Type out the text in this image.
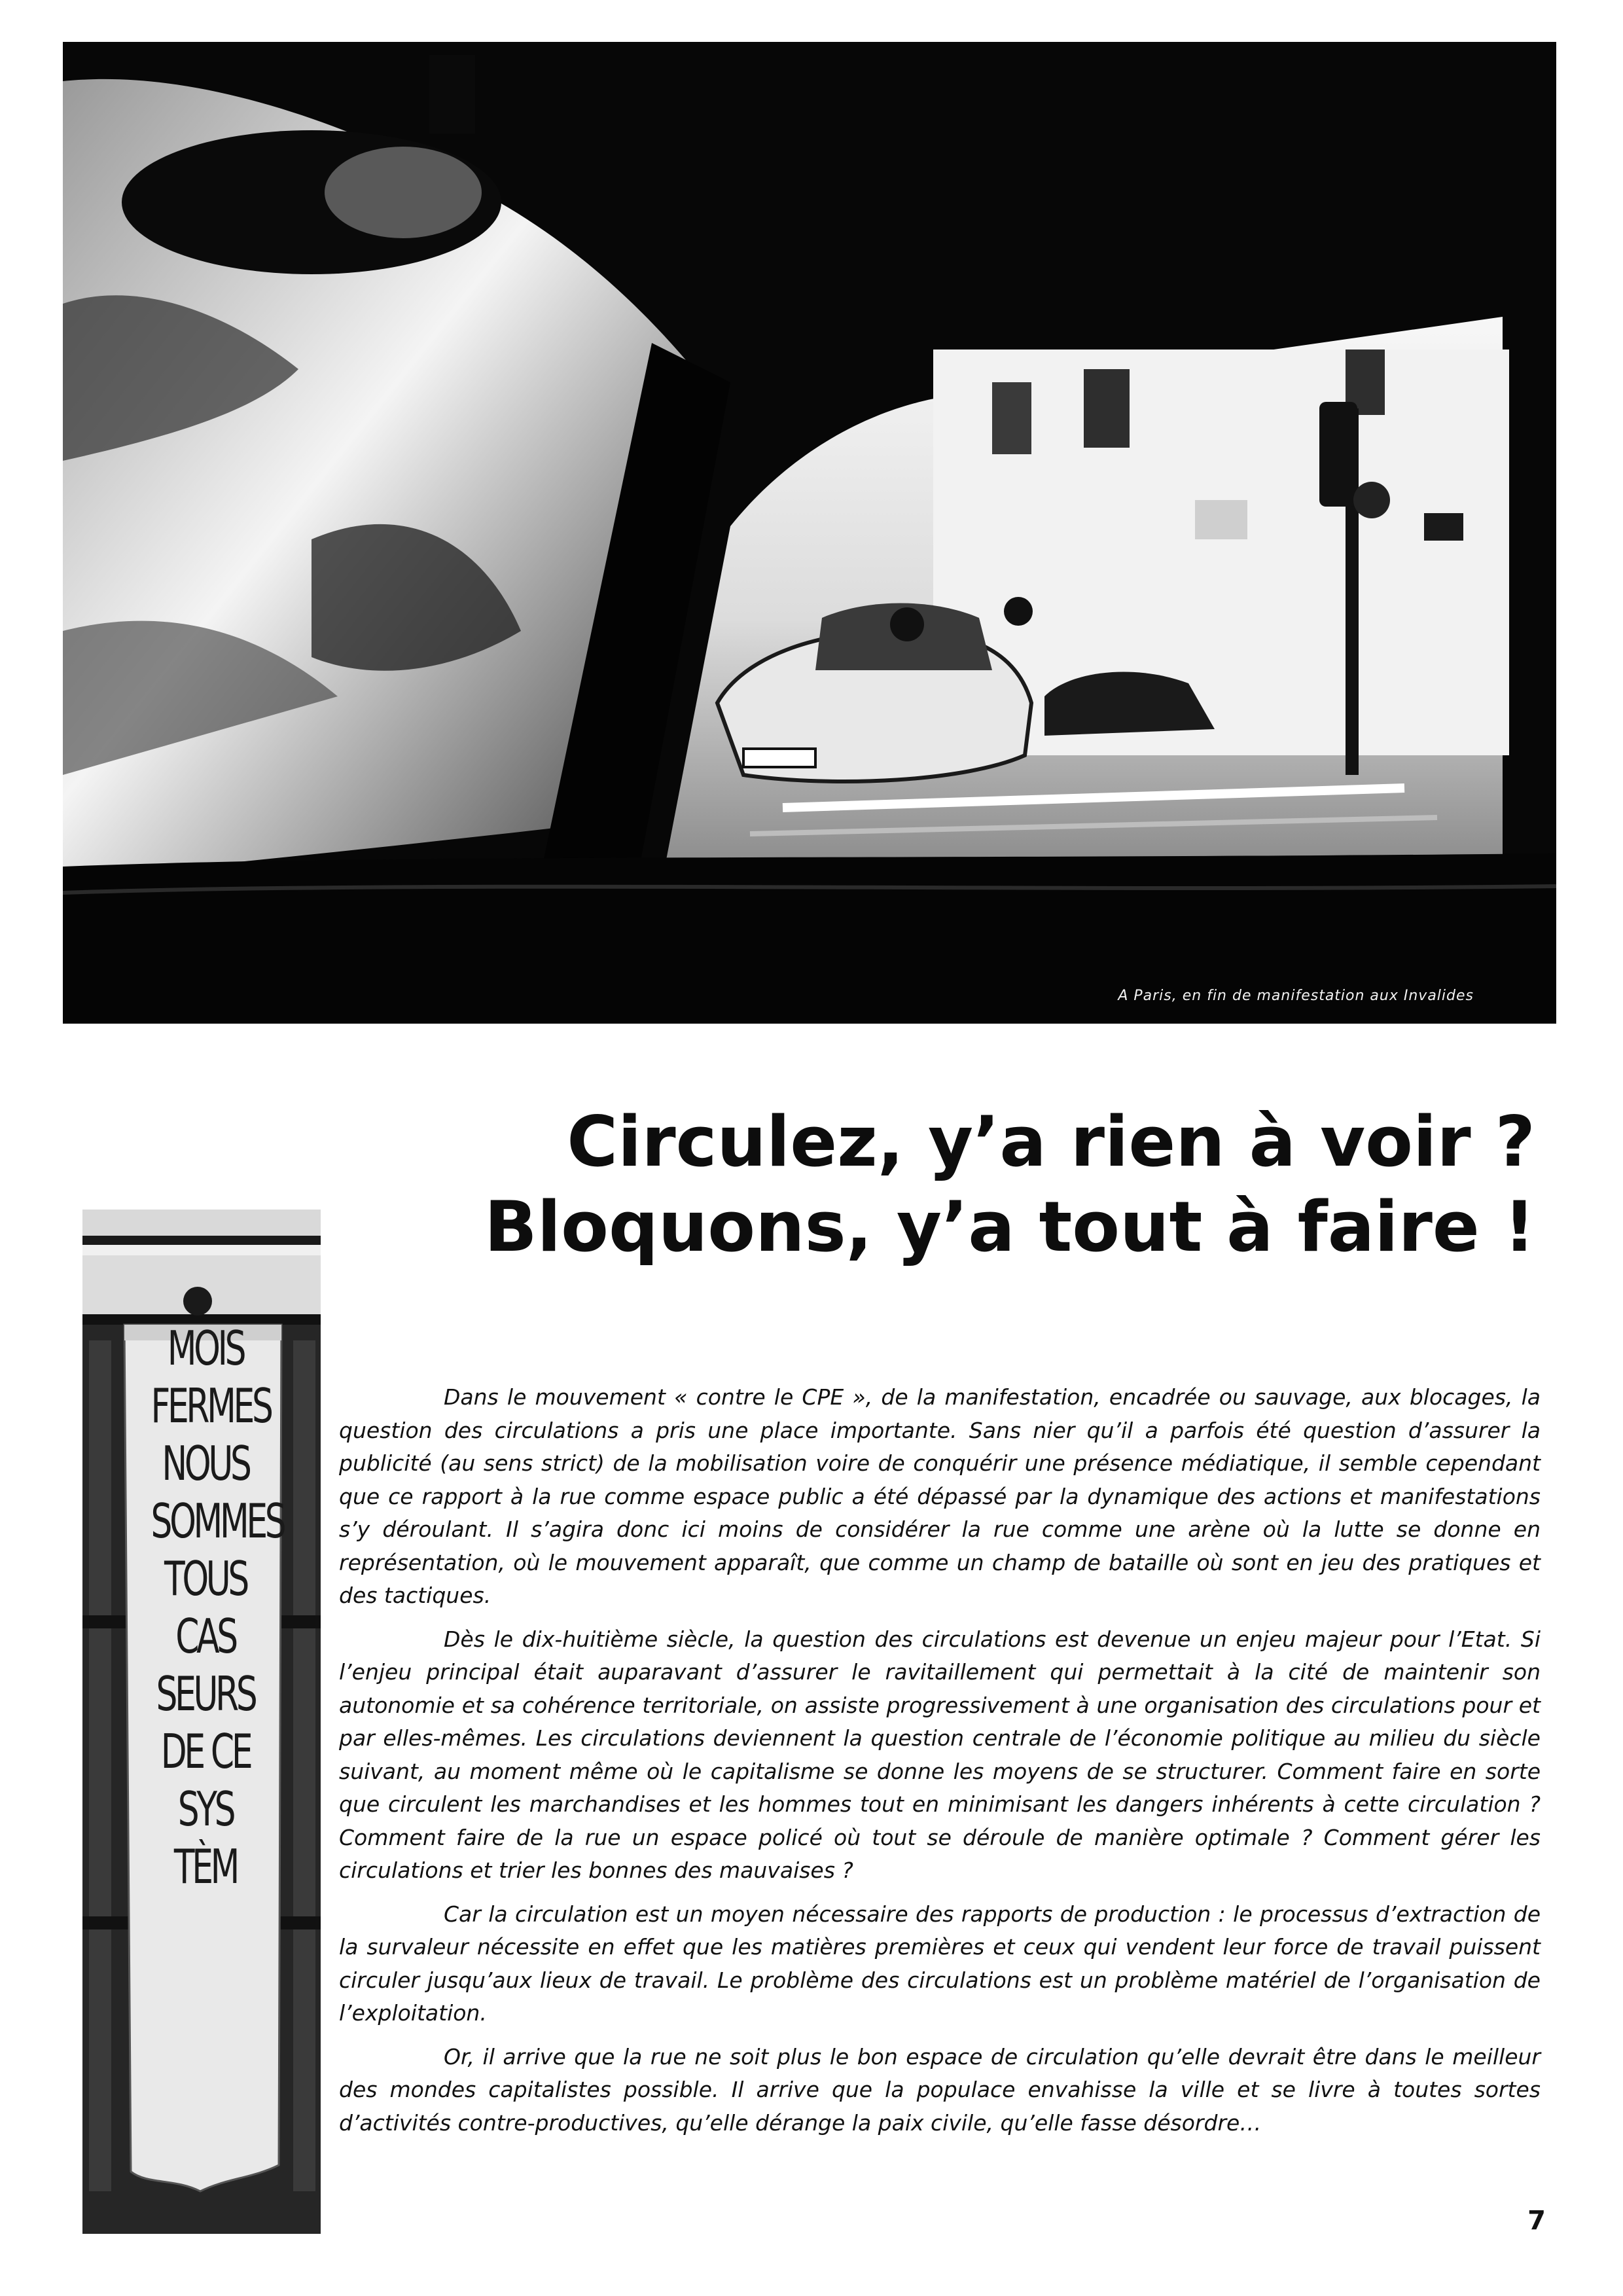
A Paris, en fin de manifestation aux Invalides
Circulez, y’a rien à voir ?
Bloquons, y’a tout à faire !
MOIS
FERMES
NOUS
SOMMES
TOUS
CAS
SEURS
DE CE
SYS
TÈM

Dans le mouvement « contre le CPE », de la manifestation, encadrée ou sauvage, aux blocages, la question des circulations a pris une place importante. Sans nier qu’il a parfois été question d’assurer la publicité (au sens strict) de la mobilisation voire de conquérir une présence médiatique, il semble cependant que ce rapport à la rue comme espace public a été dépassé par la dynamique des actions et manifestations s’y déroulant. Il s’agira donc ici moins de considérer la rue comme une arène où la lutte se donne en représentation, où le mouvement apparaît, que comme un champ de bataille où sont en jeu des pratiques et des tactiques.

Dès le dix-huitième siècle, la question des circulations est devenue un enjeu majeur pour l’Etat. Si l’enjeu principal était auparavant d’assurer le ravitaillement qui permettait à la cité de maintenir son autonomie et sa cohérence territoriale, on assiste progressivement à une organisation des circulations pour et par elles-mêmes. Les circulations deviennent la question centrale de l’économie politique au milieu du siècle suivant, au moment même où le capitalisme se donne les moyens de se structurer. Comment faire en sorte que circulent les marchandises et les hommes tout en minimisant les dangers inhérents à cette circulation ? Comment faire de la rue un espace policé où tout se déroule de manière optimale ? Comment gérer les circulations et trier les bonnes des mauvaises ?

Car la circulation est un moyen nécessaire des rapports de production : le processus d’extraction de la survaleur nécessite en effet que les matières premières et ceux qui vendent leur force de travail puissent circuler jusqu’aux lieux de travail. Le problème des circulations est un problème matériel de l’organisation de l’exploitation.

Or, il arrive que la rue ne soit plus le bon espace de circulation qu’elle devrait être dans le meilleur des mondes capitalistes possible. Il arrive que la populace envahisse la ville et se livre à toutes sortes d’activités contre-productives, qu’elle dérange la paix civile, qu’elle fasse désordre…

7
